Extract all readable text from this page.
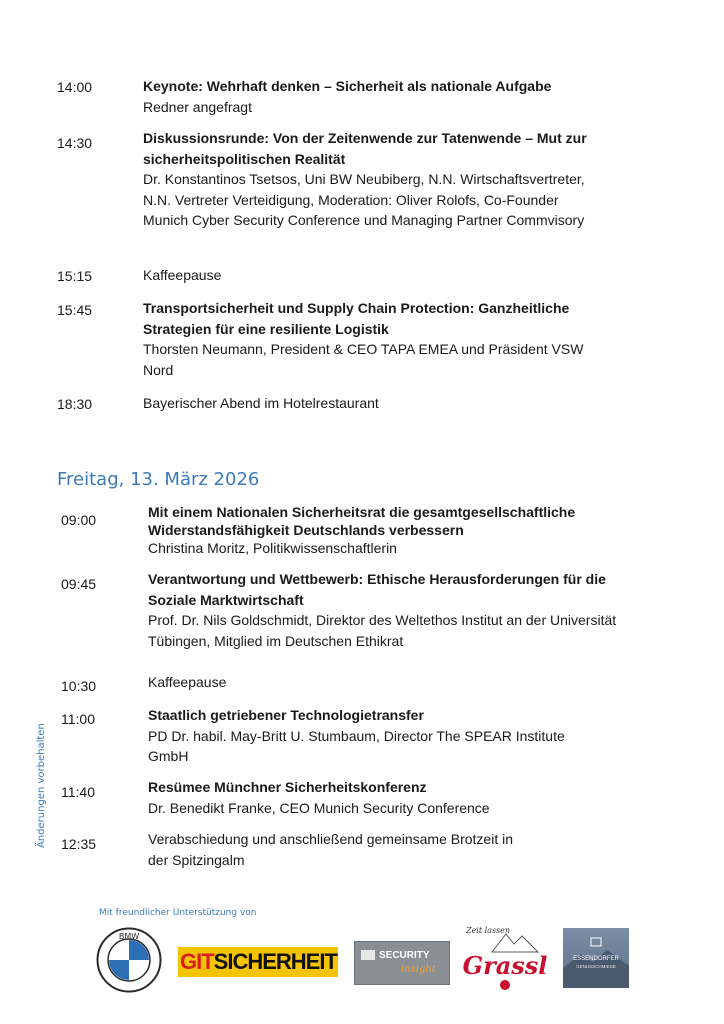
14:00	Keynote: Wehrhaft denken – Sicherheit als nationale Aufgabe
Redner angefragt
14:30	Diskussionsrunde: Von der Zeitenwende zur Tatenwende – Mut zur sicherheitspolitischen Realität
Dr. Konstantinos Tsetsos, Uni BW Neubiberg, N.N. Wirtschaftsvertreter, N.N. Vertreter Verteidigung, Moderation: Oliver Rolofs, Co-Founder Munich Cyber Security Conference und Managing Partner Commvisory
15:15	Kaffeepause
15:45	Transportsicherheit und Supply Chain Protection: Ganzheitliche Strategien für eine resiliente Logistik
Thorsten Neumann, President & CEO TAPA EMEA und Präsident VSW Nord
18:30	Bayerischer Abend im Hotelrestaurant
Freitag, 13. März 2026
09:00	Mit einem Nationalen Sicherheitsrat die gesamtgesellschaftliche Widerstandsfähigkeit Deutschlands verbessern
Christina Moritz, Politikwissenschaftlerin
09:45	Verantwortung und Wettbewerb: Ethische Herausforderungen für die Soziale Marktwirtschaft
Prof. Dr. Nils Goldschmidt, Direktor des Weltethos Institut an der Universität Tübingen, Mitglied im Deutschen Ethikrat
10:30	Kaffeepause
11:00	Staatlich getriebener Technologietransfer
PD Dr. habil. May-Britt U. Stumbaum, Director The SPEAR Institute GmbH
11:40	Resümee Münchner Sicherheitskonferenz
Dr. Benedikt Franke, CEO Munich Security Conference
12:35	Verabschiedung und anschließend gemeinsame Brotzeit in der Spitzingalm
Änderungen vorbehalten
Mit freundlicher Unterstützung von
BMW
GIT SICHERHEIT	SECURITY
insight
Zeit lassen
Grassl	ESSENDORFER
GENUSSCHMIEDE
